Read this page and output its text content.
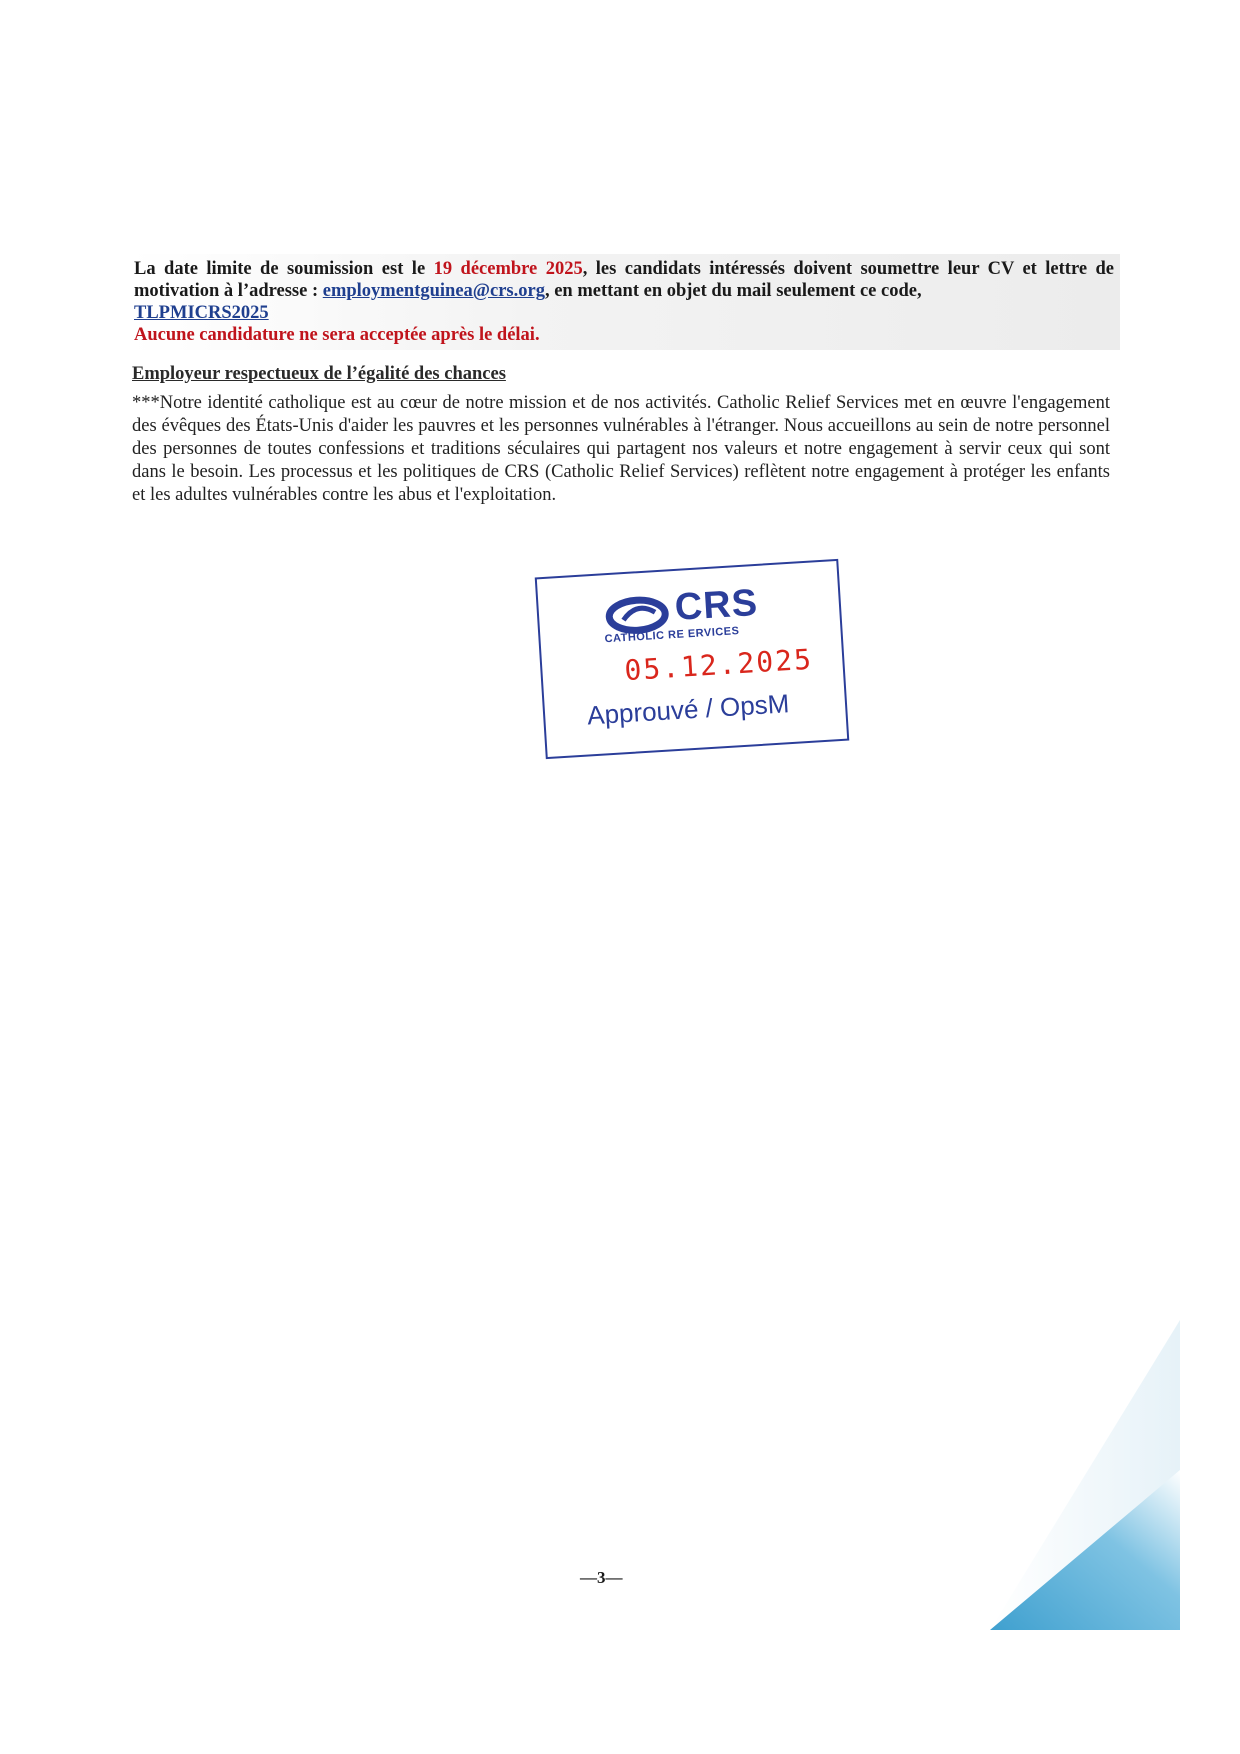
La date limite de soumission est le 19 décembre 2025, les candidats intéressés doivent soumettre leur CV et lettre de motivation à l’adresse : employmentguinea@crs.org, en mettant en objet du mail seulement ce code,
TLPMICRS2025
Aucune candidature ne sera acceptée après le délai.
Employeur respectueux de l’égalité des chances
***Notre identité catholique est au cœur de notre mission et de nos activités. Catholic Relief Services met en œuvre l'engagement des évêques des États-Unis d'aider les pauvres et les personnes vulnérables à l'étranger. Nous accueillons au sein de notre personnel des personnes de toutes confessions et traditions séculaires qui partagent nos valeurs et notre engagement à servir ceux qui sont dans le besoin. Les processus et les politiques de CRS (Catholic Relief Services) reflètent notre engagement à protéger les enfants et les adultes vulnérables contre les abus et l'exploitation.
CRS
CATHOLIC RE ERVICES
05.12.2025
Approuvé / OpsM
—3—
